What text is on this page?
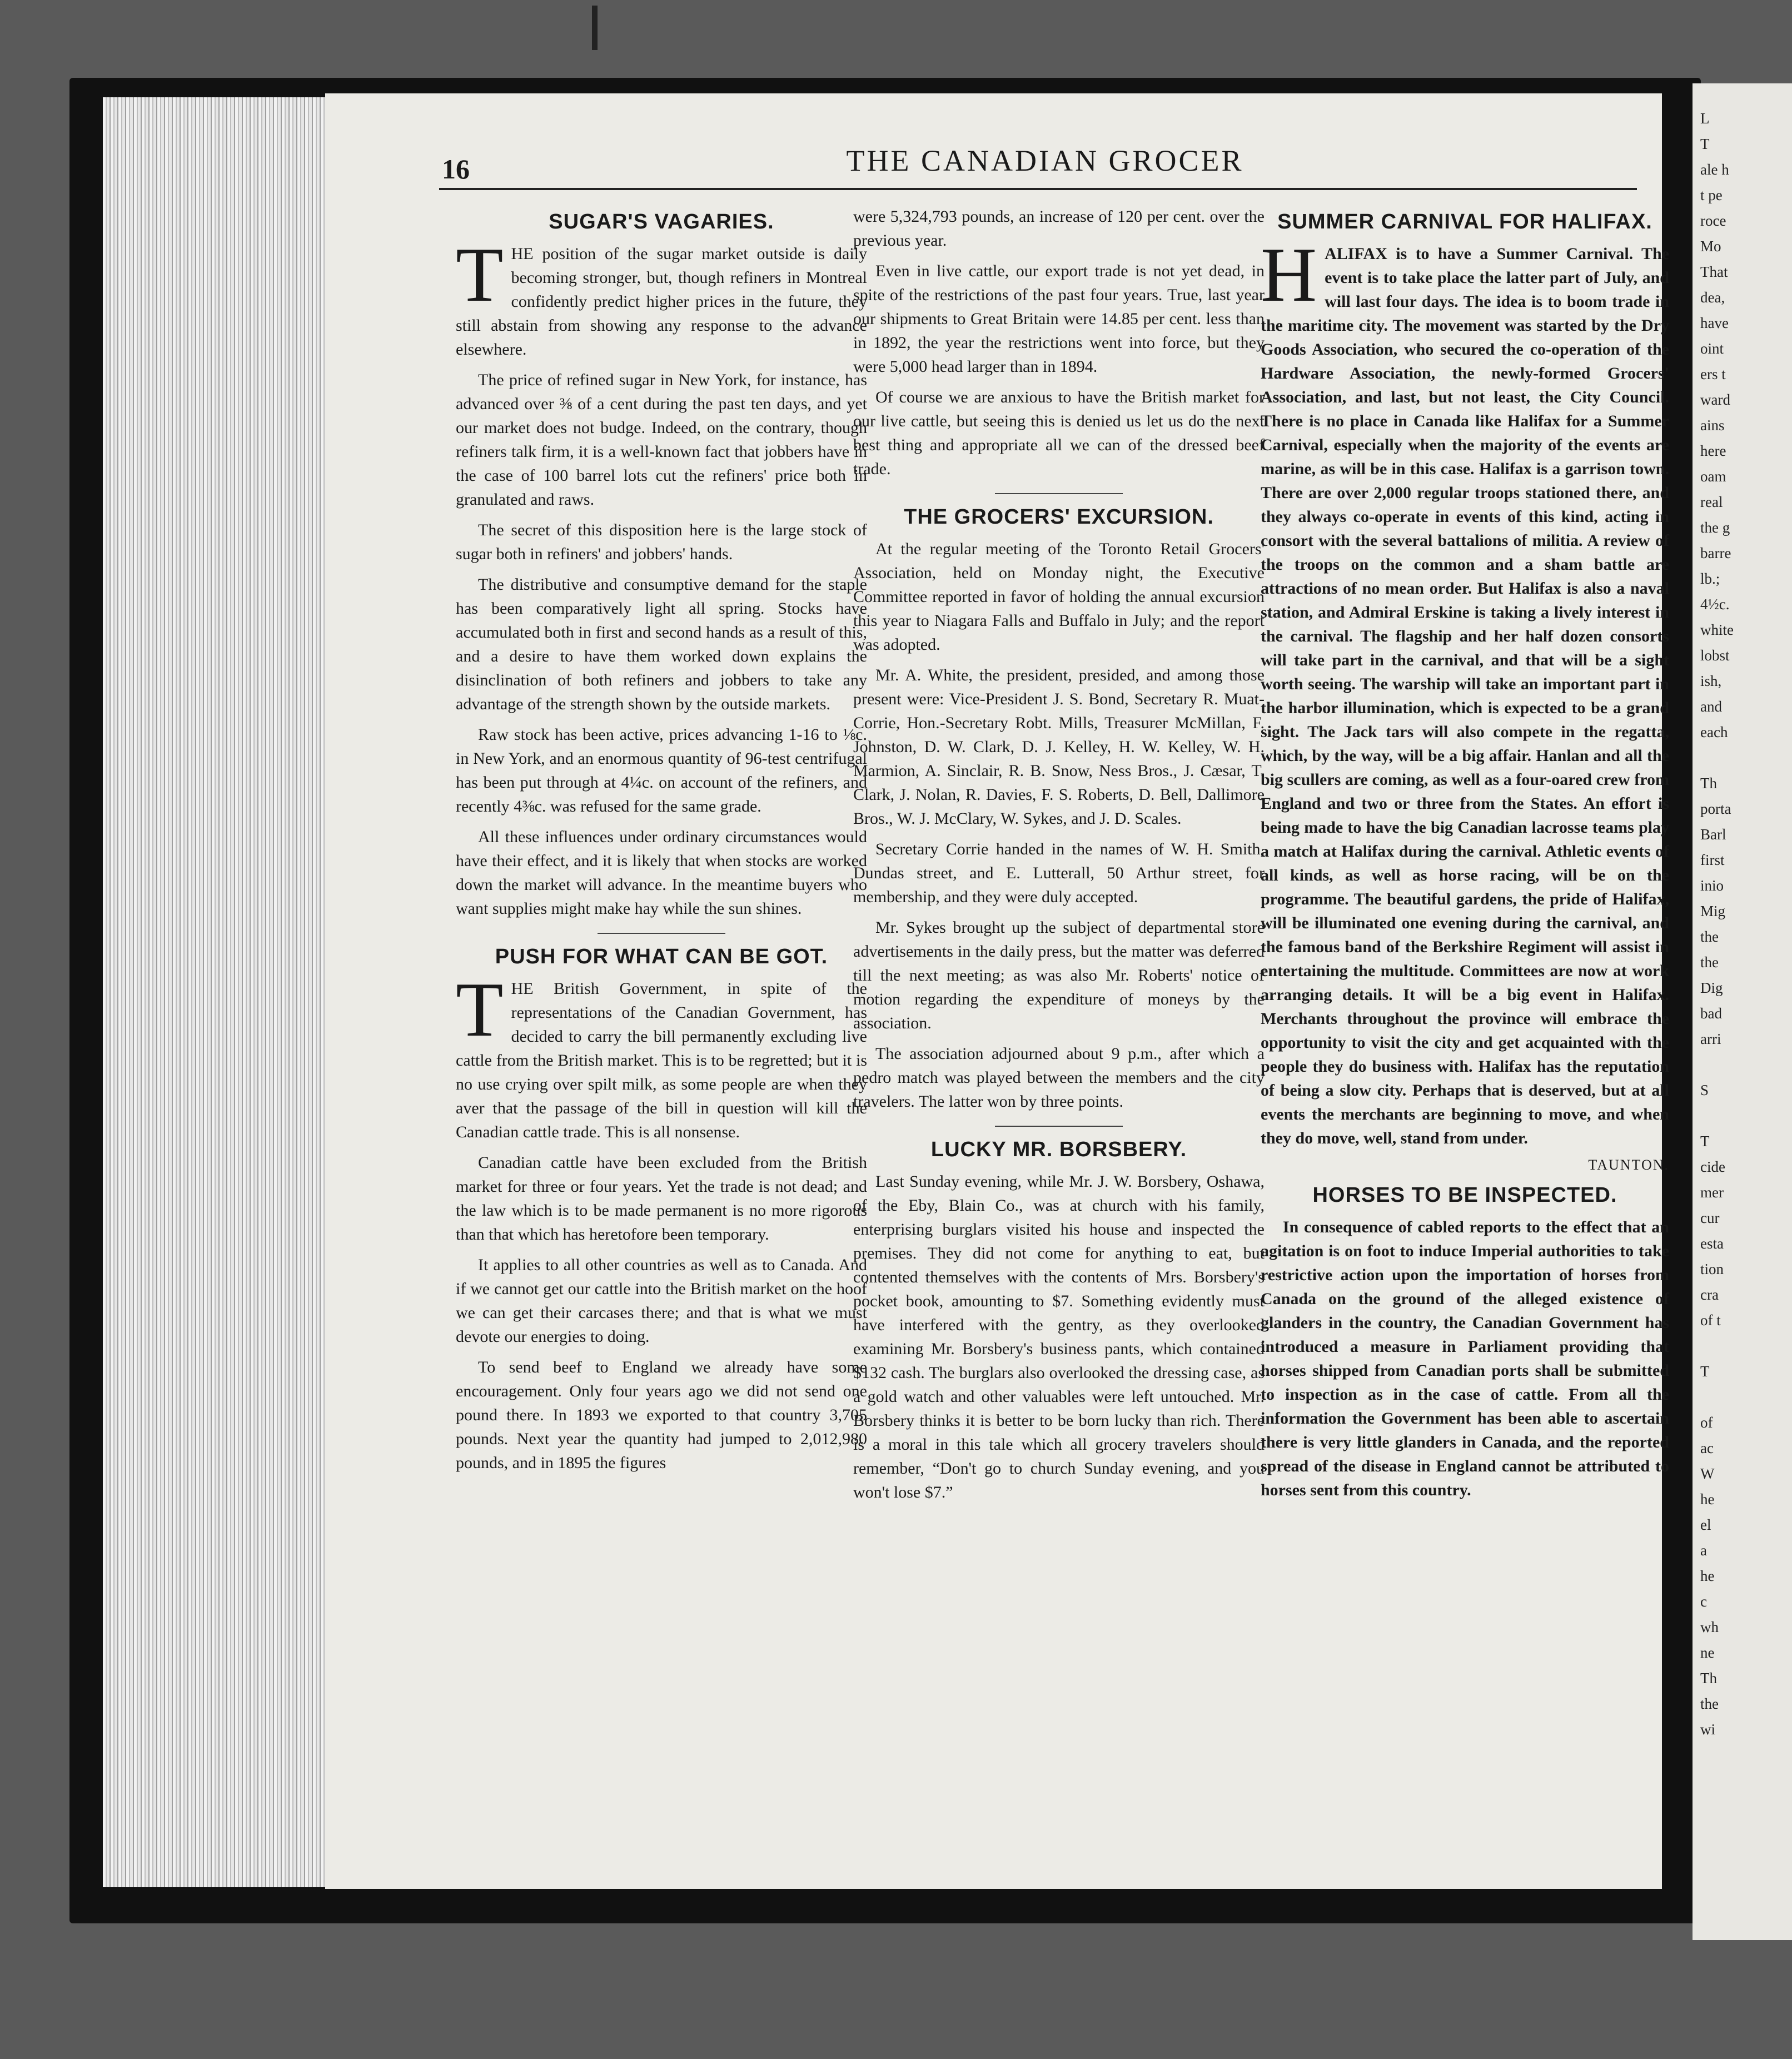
16	THE CANADIAN GROCER
SUGAR'S VAGARIES.

THE position of the sugar market outside is daily becoming stronger, but, though refiners in Montreal confidently predict higher prices in the future, they still abstain from showing any response to the advance elsewhere.

The price of refined sugar in New York, for instance, has advanced over ⅜ of a cent during the past ten days, and yet our market does not budge. Indeed, on the contrary, though refiners talk firm, it is a well-known fact that jobbers have in the case of 100 barrel lots cut the refiners' price both in granulated and raws.

The secret of this disposition here is the large stock of sugar both in refiners' and jobbers' hands.

The distributive and consumptive demand for the staple has been comparatively light all spring. Stocks have accumulated both in first and second hands as a result of this, and a desire to have them worked down explains the disinclination of both refiners and jobbers to take any advantage of the strength shown by the outside markets.

Raw stock has been active, prices advancing 1-16 to ⅛c. in New York, and an enormous quantity of 96-test centrifugal has been put through at 4¼c. on account of the refiners, and recently 4⅜c. was refused for the same grade.

All these influences under ordinary circumstances would have their effect, and it is likely that when stocks are worked down the market will advance. In the meantime buyers who want supplies might make hay while the sun shines.

PUSH FOR WHAT CAN BE GOT.

THE British Government, in spite of the representations of the Canadian Government, has decided to carry the bill permanently excluding live cattle from the British market. This is to be regretted; but it is no use crying over spilt milk, as some people are when they aver that the passage of the bill in question will kill the Canadian cattle trade. This is all nonsense.

Canadian cattle have been excluded from the British market for three or four years. Yet the trade is not dead; and the law which is to be made permanent is no more rigorous than that which has heretofore been temporary.

It applies to all other countries as well as to Canada. And if we cannot get our cattle into the British market on the hoof we can get their carcases there; and that is what we must devote our energies to doing.

To send beef to England we already have some encouragement. Only four years ago we did not send one pound there. In 1893 we exported to that country 3,705 pounds. Next year the quantity had jumped to 2,012,980 pounds, and in 1895 the figures

were 5,324,793 pounds, an increase of 120 per cent. over the previous year.

Even in live cattle, our export trade is not yet dead, in spite of the restrictions of the past four years. True, last year our shipments to Great Britain were 14.85 per cent. less than in 1892, the year the restrictions went into force, but they were 5,000 head larger than in 1894.

Of course we are anxious to have the British market for our live cattle, but seeing this is denied us let us do the next best thing and appropriate all we can of the dressed beef trade.

THE GROCERS' EXCURSION.

At the regular meeting of the Toronto Retail Grocers' Association, held on Monday night, the Executive Committee reported in favor of holding the annual excursion this year to Niagara Falls and Buffalo in July; and the report was adopted.

Mr. A. White, the president, presided, and among those present were: Vice-President J. S. Bond, Secretary R. Muat-Corrie, Hon.-Secretary Robt. Mills, Treasurer McMillan, F. Johnston, D. W. Clark, D. J. Kelley, H. W. Kelley, W. H. Marmion, A. Sinclair, R. B. Snow, Ness Bros., J. Cæsar, T. Clark, J. Nolan, R. Davies, F. S. Roberts, D. Bell, Dallimore Bros., W. J. McClary, W. Sykes, and J. D. Scales.

Secretary Corrie handed in the names of W. H. Smith, Dundas street, and E. Lutterall, 50 Arthur street, for membership, and they were duly accepted.

Mr. Sykes brought up the subject of departmental store advertisements in the daily press, but the matter was deferred till the next meeting; as was also Mr. Roberts' notice of motion regarding the expenditure of moneys by the association.

The association adjourned about 9 p.m., after which a pedro match was played between the members and the city travelers. The latter won by three points.

LUCKY MR. BORSBERY.

Last Sunday evening, while Mr. J. W. Borsbery, Oshawa, of the Eby, Blain Co., was at church with his family, enterprising burglars visited his house and inspected the premises. They did not come for anything to eat, but contented themselves with the contents of Mrs. Borsbery's pocket book, amounting to $7. Something evidently must have interfered with the gentry, as they overlooked examining Mr. Borsbery's business pants, which contained $132 cash. The burglars also overlooked the dressing case, as a gold watch and other valuables were left untouched. Mr. Borsbery thinks it is better to be born lucky than rich. There is a moral in this tale which all grocery travelers should remember, “Don't go to church Sunday evening, and you won't lose $7.”

SUMMER CARNIVAL FOR HALIFAX.

HALIFAX is to have a Summer Carnival. The event is to take place the latter part of July, and will last four days. The idea is to boom trade in the maritime city. The movement was started by the Dry Goods Association, who secured the co-operation of the Hardware Association, the newly-formed Grocers' Association, and last, but not least, the City Council. There is no place in Canada like Halifax for a Summer Carnival, especially when the majority of the events are marine, as will be in this case. Halifax is a garrison town. There are over 2,000 regular troops stationed there, and they always co-operate in events of this kind, acting in consort with the several battalions of militia. A review of the troops on the common and a sham battle are attractions of no mean order. But Halifax is also a naval station, and Admiral Erskine is taking a lively interest in the carnival. The flagship and her half dozen consorts will take part in the carnival, and that will be a sight worth seeing. The warship will take an important part in the harbor illumination, which is expected to be a grand sight. The Jack tars will also compete in the regatta, which, by the way, will be a big affair. Hanlan and all the big scullers are coming, as well as a four-oared crew from England and two or three from the States. An effort is being made to have the big Canadian lacrosse teams play a match at Halifax during the carnival. Athletic events of all kinds, as well as horse racing, will be on the programme. The beautiful gardens, the pride of Halifax, will be illuminated one evening during the carnival, and the famous band of the Berkshire Regiment will assist in entertaining the multitude. Committees are now at work arranging details. It will be a big event in Halifax. Merchants throughout the province will embrace the opportunity to visit the city and get acquainted with the people they do business with. Halifax has the reputation of being a slow city. Perhaps that is deserved, but at all events the merchants are beginning to move, and when they do move, well, stand from under.

TAUNTON.
HORSES TO BE INSPECTED.

In consequence of cabled reports to the effect that an agitation is on foot to induce Imperial authorities to take restrictive action upon the importation of horses from Canada on the ground of the alleged existence of glanders in the country, the Canadian Government has introduced a measure in Parliament providing that horses shipped from Canadian ports shall be submitted to inspection as in the case of cattle. From all the information the Government has been able to ascertain there is very little glanders in Canada, and the reported spread of the disease in England cannot be attributed to horses sent from this country.

L

T

ale h

t pe

roce

Mo

That

dea,

have

oint

ers t

ward

ains

here

oam

real

the g

barre

lb.;

4½c.

white

lobst

ish,

and

each

Th

porta

Barl

first

inio

Mig

the

the

Dig

bad

arri

S

T

cide

mer

cur

esta

tion

cra

of t

T

of

ac

W

he

el

a

he

c

wh

ne

Th

the

wi
